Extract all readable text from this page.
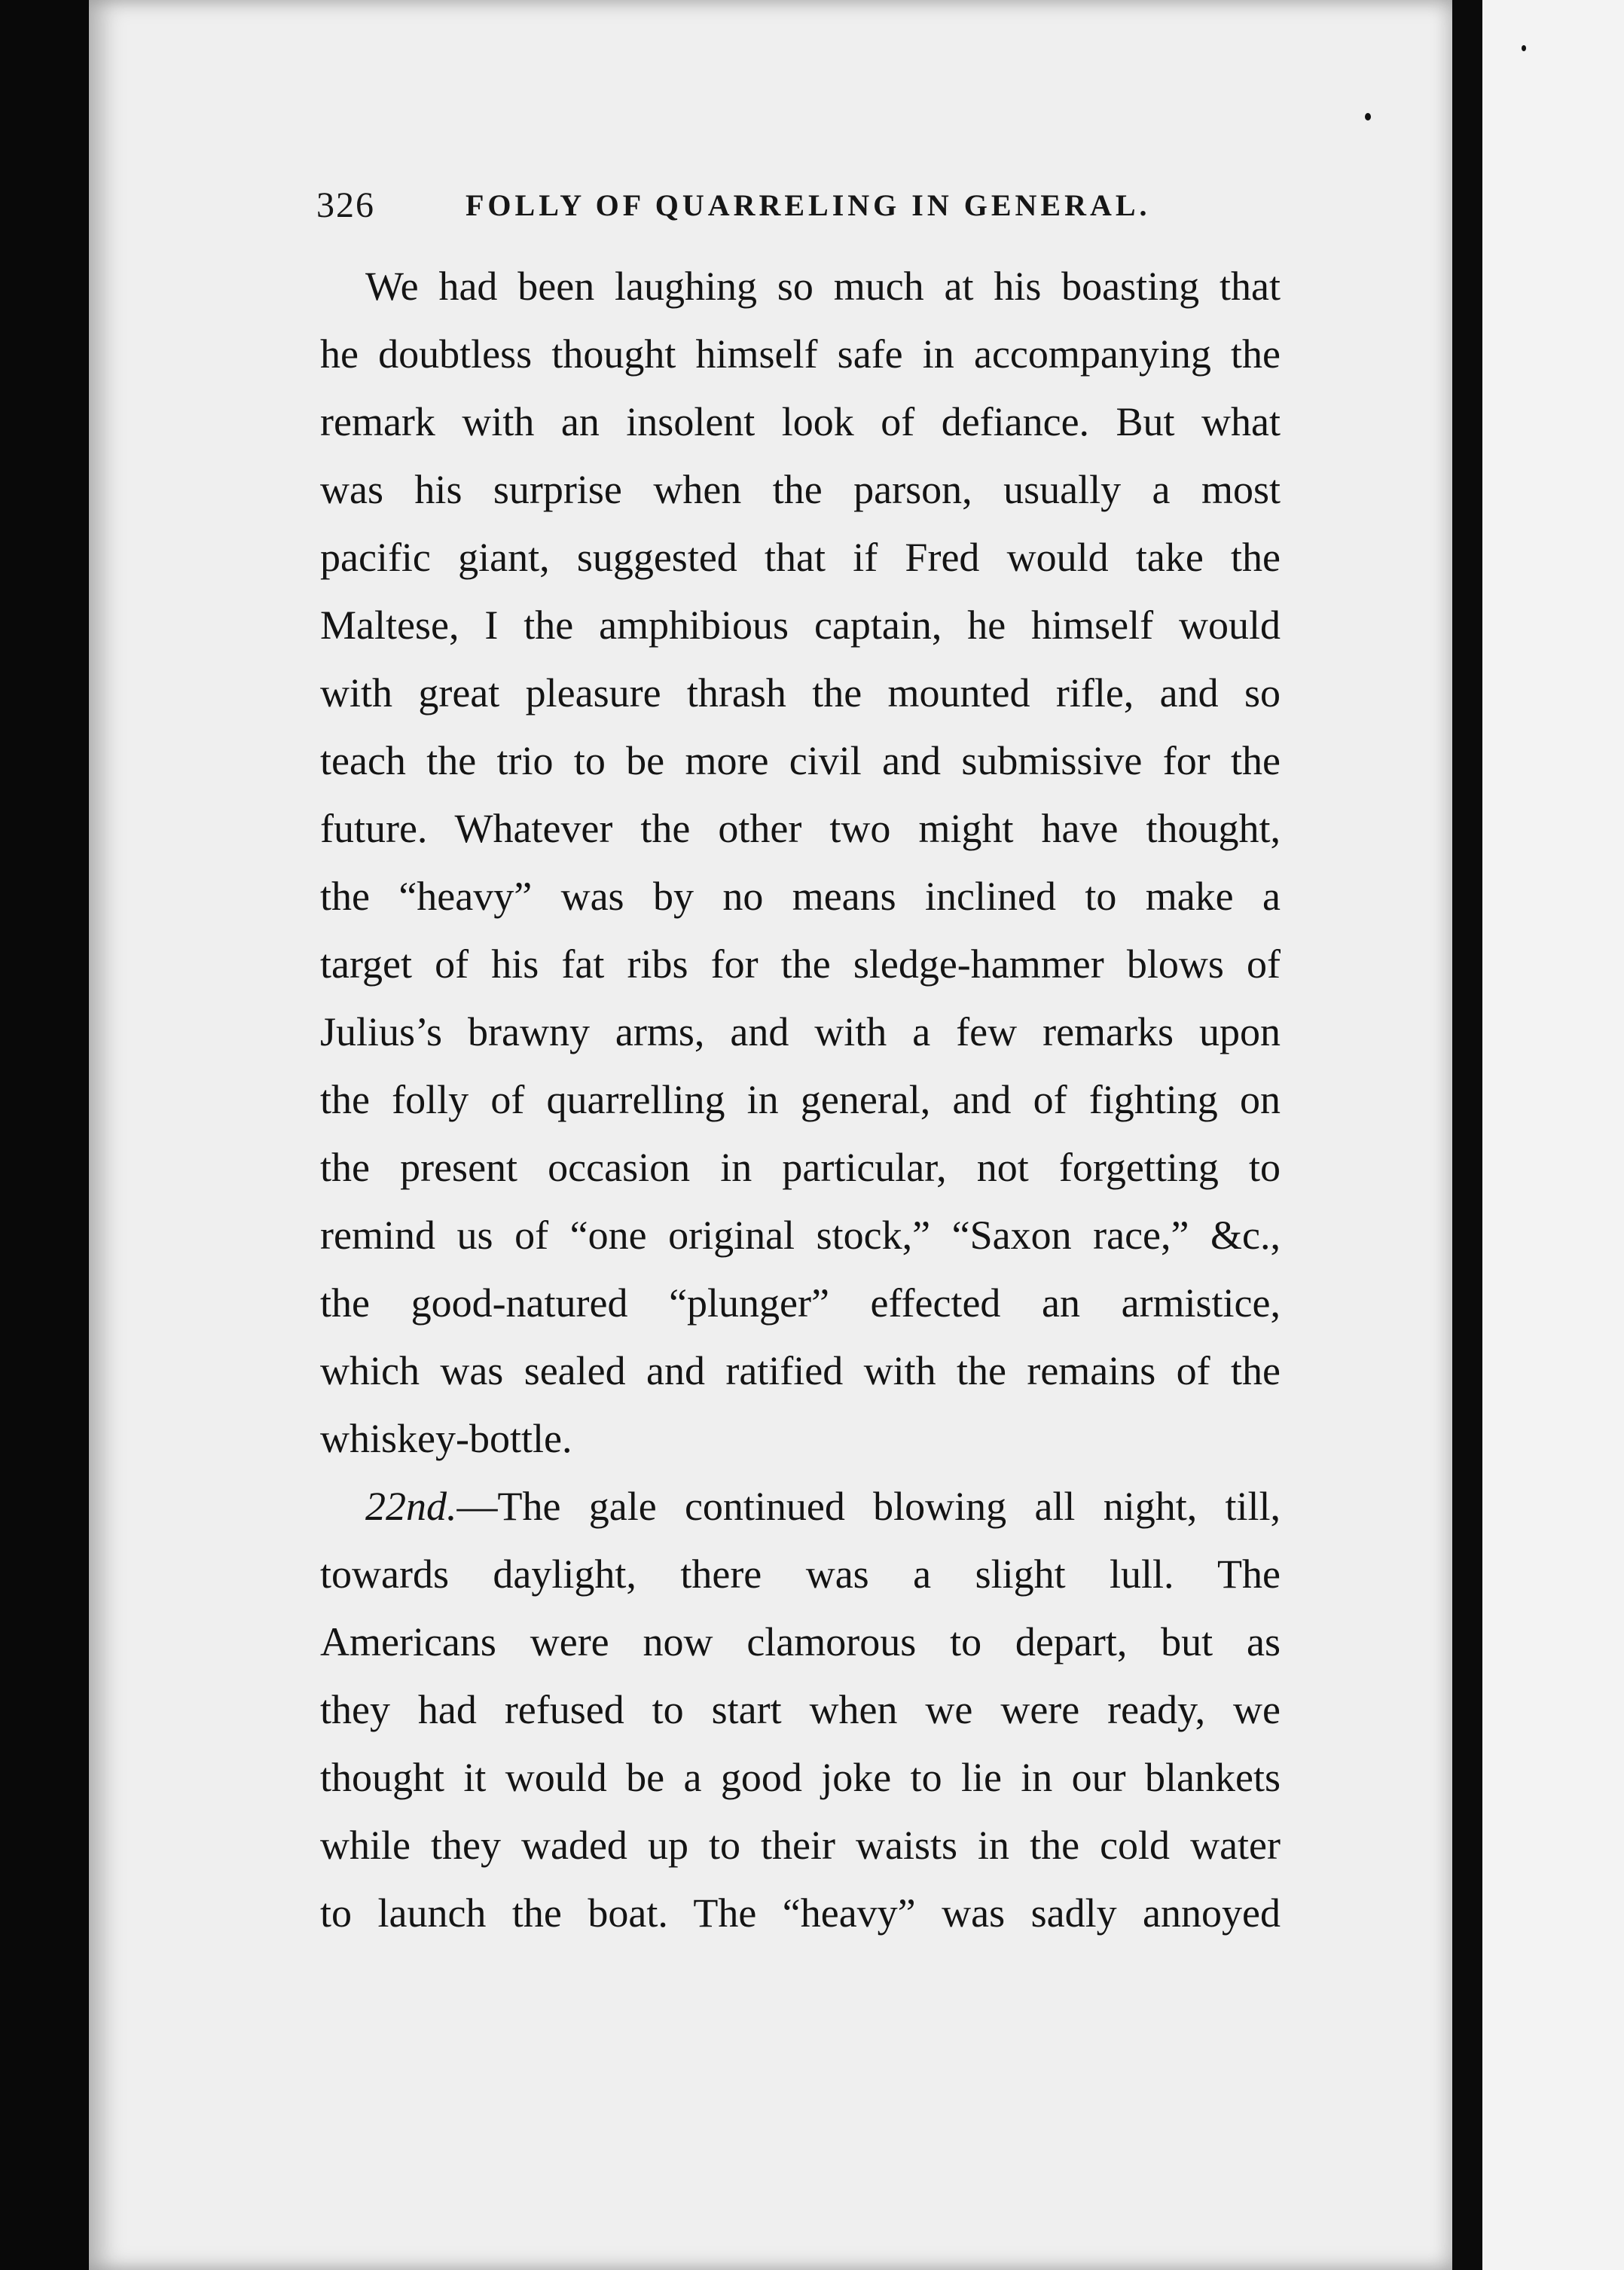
326	FOLLY OF QUARRELING IN GENERAL.
We had been laughing so much at his boasting that
he doubtless thought himself safe in accompanying the
remark with an insolent look of defiance. But what
was his surprise when the parson, usually a most
pacific giant, suggested that if Fred would take the
Maltese, I the amphibious captain, he himself would
with great pleasure thrash the mounted rifle, and so
teach the trio to be more civil and submissive for the
future. Whatever the other two might have thought,
the “heavy” was by no means inclined to make a
target of his fat ribs for the sledge-hammer blows of
Julius’s brawny arms, and with a few remarks upon
the folly of quarrelling in general, and of fighting on
the present occasion in particular, not forgetting to
remind us of “one original stock,” “Saxon race,” &c.,
the good-natured “plunger” effected an armistice,
which was sealed and ratified with the remains of the
whiskey-bottle.
22nd.—The gale continued blowing all night, till,
towards daylight, there was a slight lull. The
Americans were now clamorous to depart, but as
they had refused to start when we were ready, we
thought it would be a good joke to lie in our blankets
while they waded up to their waists in the cold water
to launch the boat. The “heavy” was sadly annoyed
